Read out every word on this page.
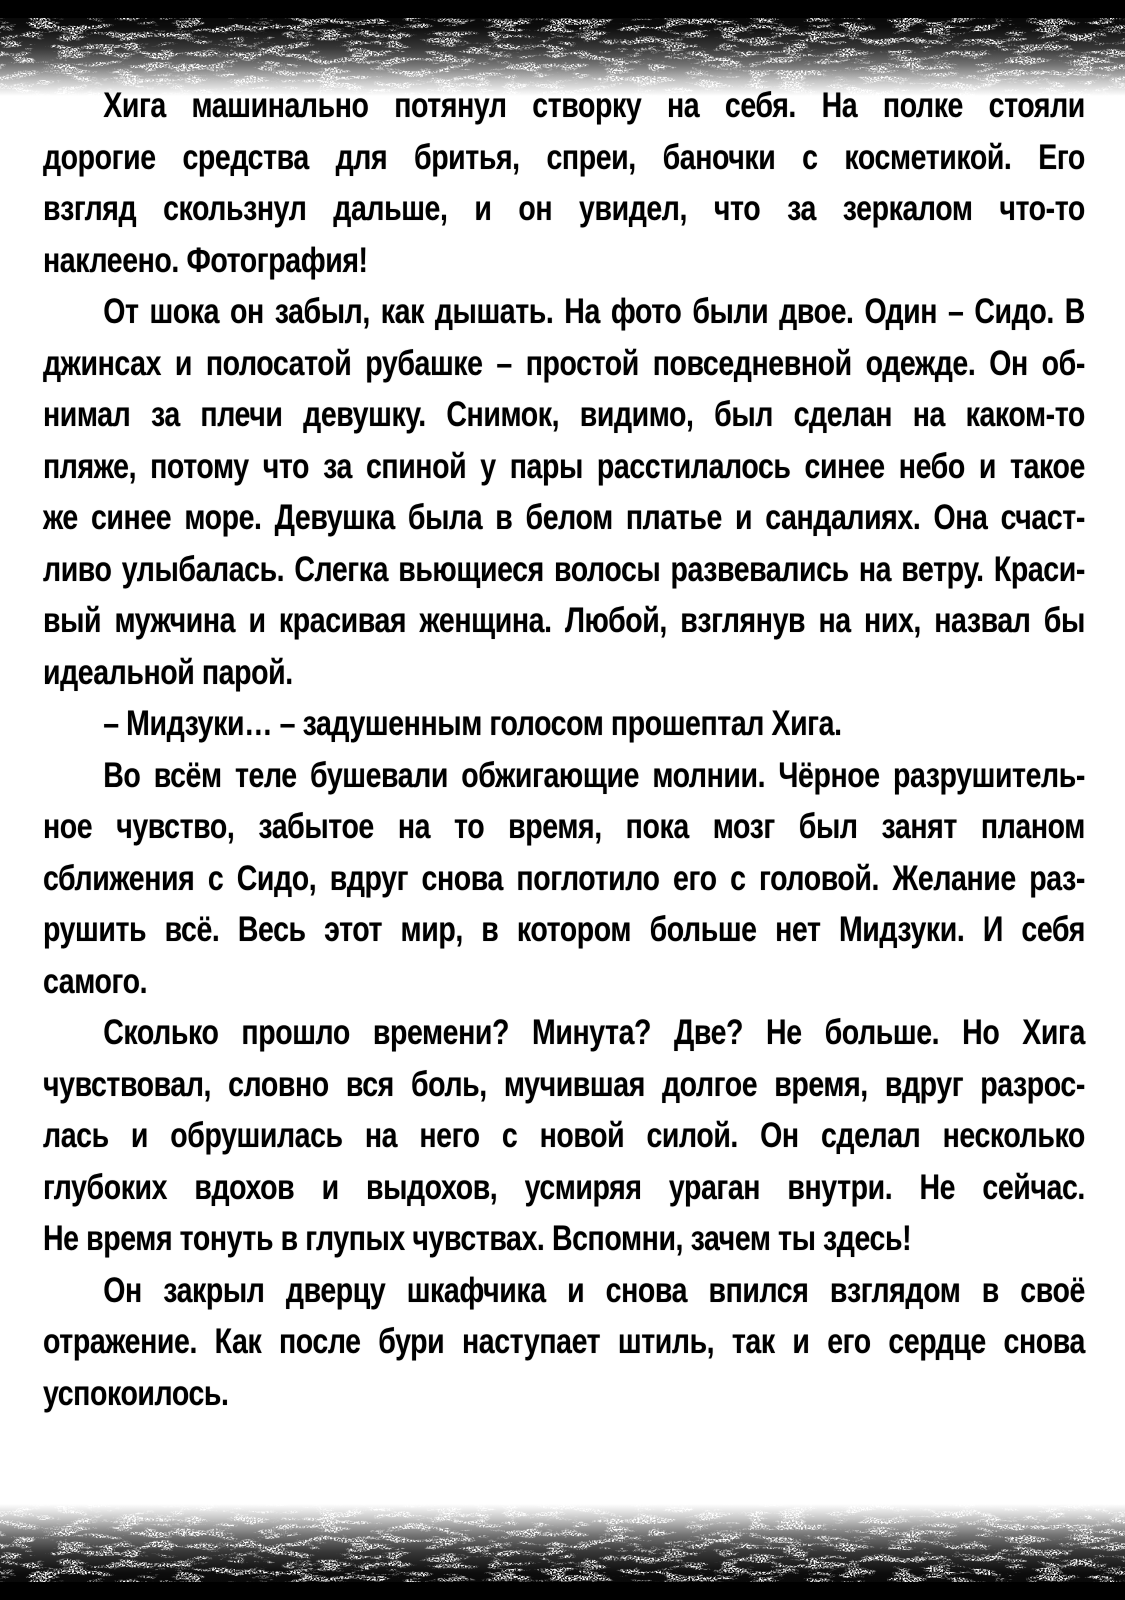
Хига машинально потянул створку на себя. На полке стояли
дорогие средства для бритья, спреи, баночки с косметикой. Его
взгляд скользнул дальше, и он увидел, что за зеркалом что-то
наклеено. Фотография!
От шока он забыл, как дышать. На фото были двое. Один – Сидо. В
джинсах и полосатой рубашке – простой повседневной одежде. Он об-
нимал за плечи девушку. Снимок, видимо, был сделан на каком-то
пляже, потому что за спиной у пары расстилалось синее небо и такое
же синее море. Девушка была в белом платье и сандалиях. Она счаст-
ливо улыбалась. Слегка вьющиеся волосы развевались на ветру. Краси-
вый мужчина и красивая женщина. Любой, взглянув на них, назвал бы
идеальной парой.
– Мидзуки… – задушенным голосом прошептал Хига.
Во всём теле бушевали обжигающие молнии. Чёрное разрушитель-
ное чувство, забытое на то время, пока мозг был занят планом
сближения с Сидо, вдруг снова поглотило его с головой. Желание раз-
рушить всё. Весь этот мир, в котором больше нет Мидзуки. И себя
самого.
Сколько прошло времени? Минута? Две? Не больше. Но Хига
чувствовал, словно вся боль, мучившая долгое время, вдруг разрос-
лась и обрушилась на него с новой силой. Он сделал несколько
глубоких вдохов и выдохов, усмиряя ураган внутри. Не сейчас.
Не время тонуть в глупых чувствах. Вспомни, зачем ты здесь!
Он закрыл дверцу шкафчика и снова впился взглядом в своё
отражение. Как после бури наступает штиль, так и его сердце снова
успокоилось.
